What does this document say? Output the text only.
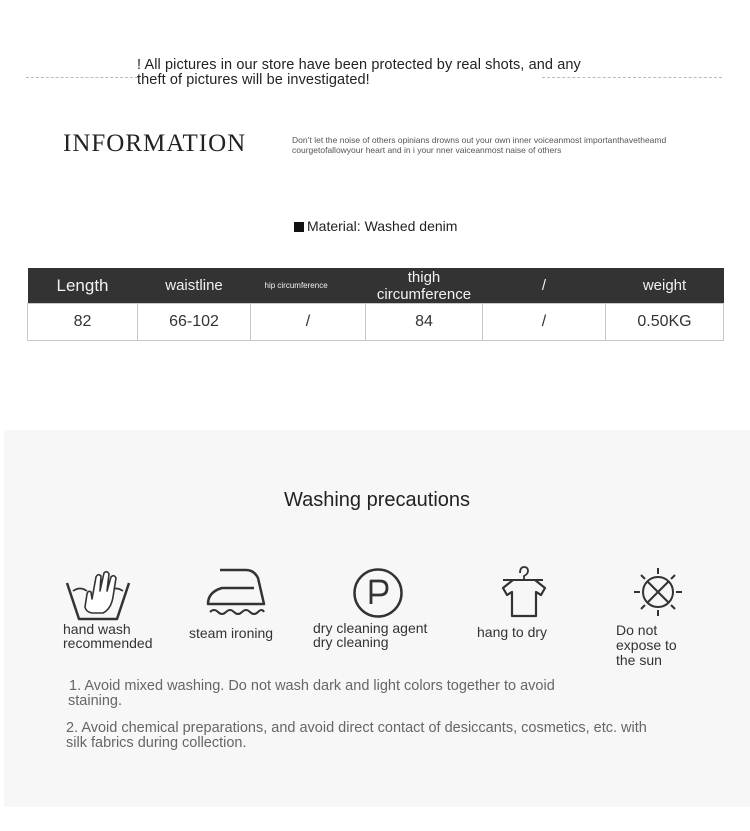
! All pictures in our store have been protected by real shots, and any
theft of pictures will be investigated!
INFORMATION	Don’t let the noise of others opinians drowns out your own inner voiceanmost importanthavetheamd courgetofallowyour heart and in i your nner vaiceanmost naise of others
Material: Washed denim
Length	waistline	hip circumference	thigh circumference	/	weight
82	66-102	/	84	/	0.50KG
Washing precautions
hand wash
recommended
steam ironing	dry cleaning agent
dry cleaning
hang to dry	Do not
expose to
the sun
1. Avoid mixed washing. Do not wash dark and light colors together to avoid
staining.
2. Avoid chemical preparations, and avoid direct contact of desiccants, cosmetics, etc. with
silk fabrics during collection.
